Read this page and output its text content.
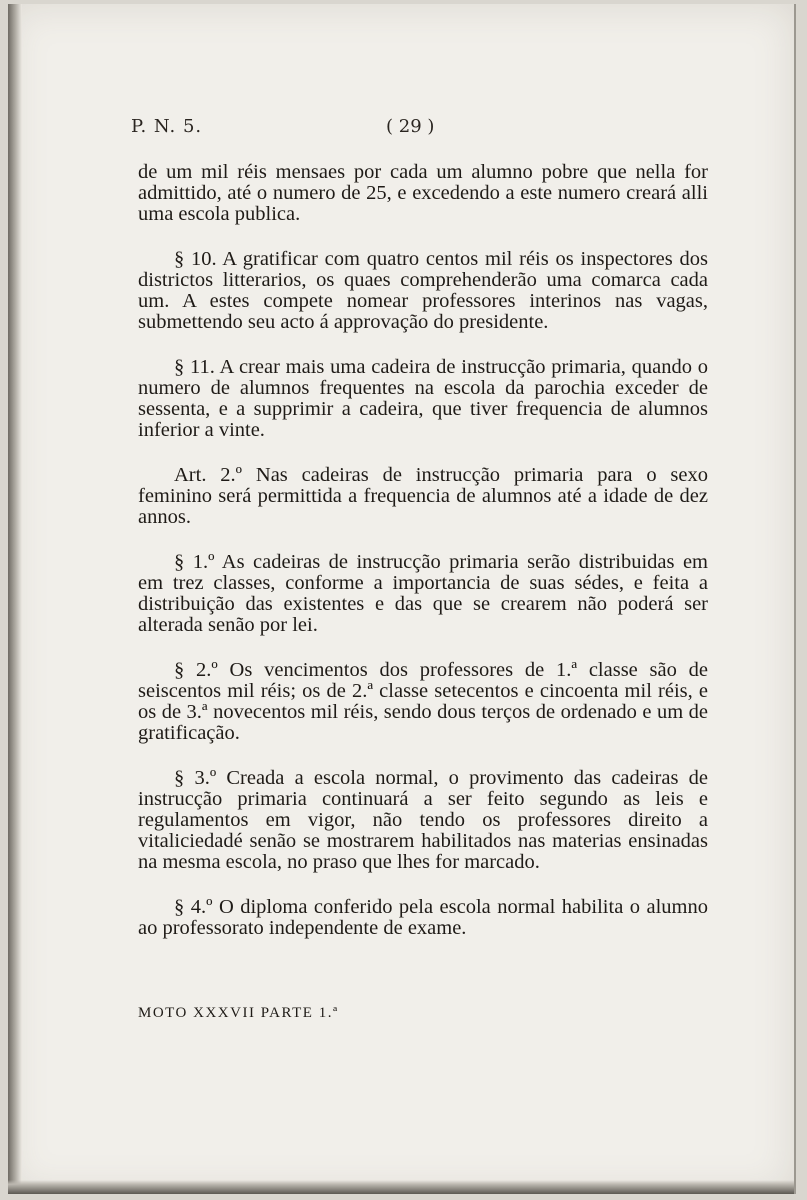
P. N. 5.	( 29 )

de um mil réis mensaes por cada um alumno pobre que nella for admittido, até o numero de 25, e excedendo a este numero creará alli uma escola publica.

§ 10. A gratificar com quatro centos mil réis os inspectores dos districtos litterarios, os quaes comprehenderão uma comarca cada um. A estes compete nomear professores interinos nas vagas, submettendo seu acto á approvação do presidente.

§ 11. A crear mais uma cadeira de instrucção primaria, quando o numero de alumnos frequentes na escola da parochia exceder de sessenta, e a supprimir a cadeira, que tiver frequencia de alumnos inferior a vinte.

Art. 2.º Nas cadeiras de instrucção primaria para o sexo feminino será permittida a frequencia de alumnos até a idade de dez annos.

§ 1.º As cadeiras de instrucção primaria serão distribuidas em em trez classes, conforme a importancia de suas sédes, e feita a distribuição das existentes e das que se crearem não poderá ser alterada senão por lei.

§ 2.º Os vencimentos dos professores de 1.ª classe são de seiscentos mil réis; os de 2.ª classe setecentos e cincoenta mil réis, e os de 3.ª novecentos mil réis, sendo dous terços de ordenado e um de gratificação.

§ 3.º Creada a escola normal, o provimento das cadeiras de instrucção primaria continuará a ser feito segundo as leis e regulamentos em vigor, não tendo os professores direito a vitaliciedadé senão se mostrarem habilitados nas materias ensinadas na mesma escola, no praso que lhes for marcado.

§ 4.º O diploma conferido pela escola normal habilita o alumno ao professorato independente de exame.

MOTO XXXVII PARTE 1.ª
